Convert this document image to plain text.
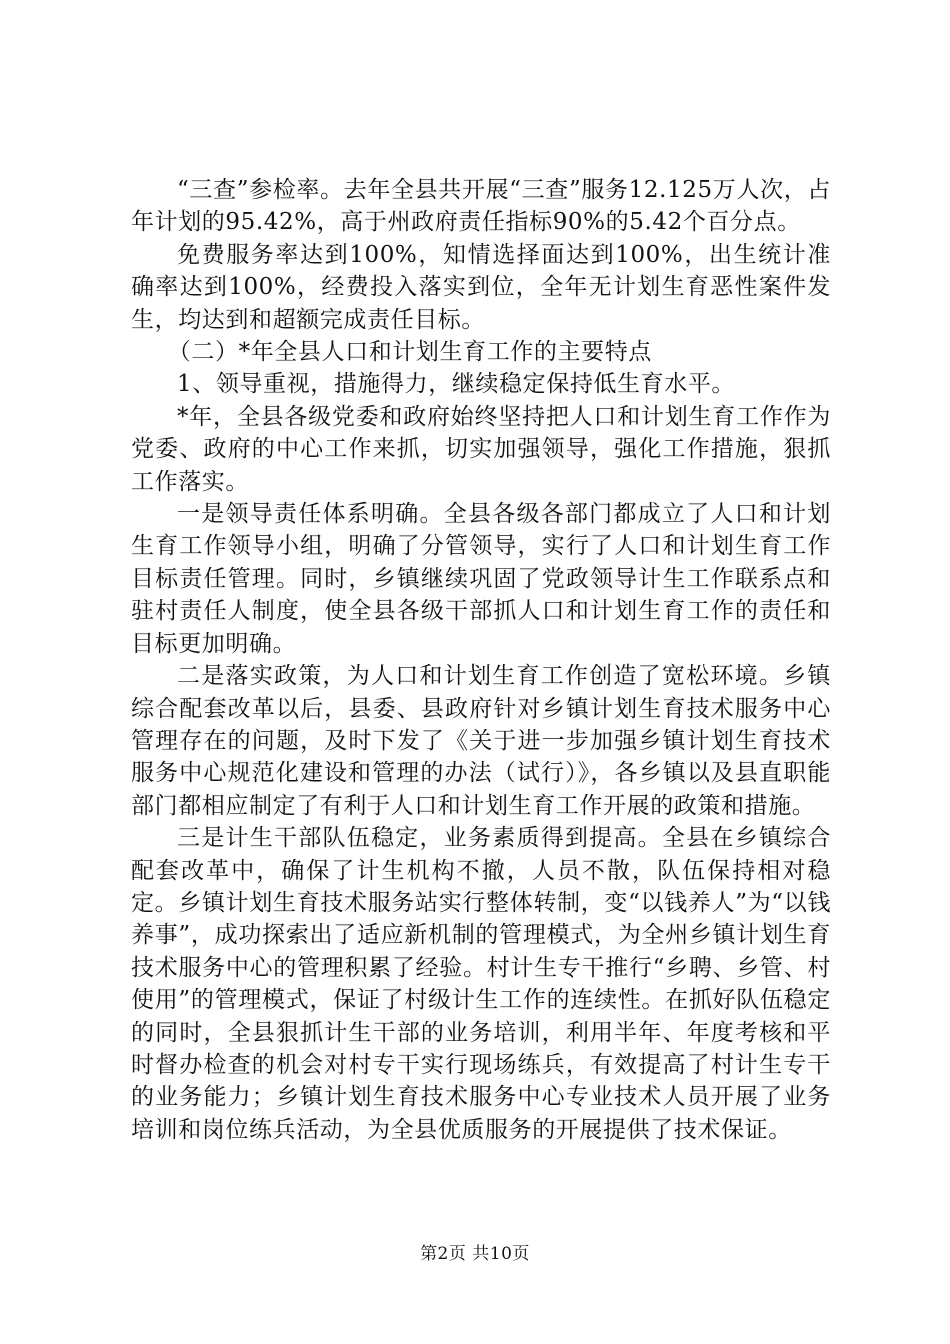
“三查”参检率。去年全县共开展“三查”服务12.125万人次，占年计划的95.42%，高于州政府责任指标90%的5.42个百分点。

免费服务率达到100%，知情选择面达到100%，出生统计准确率达到100%，经费投入落实到位，全年无计划生育恶性案件发生，均达到和超额完成责任目标。

（二）*年全县人口和计划生育工作的主要特点

1、领导重视，措施得力，继续稳定保持低生育水平。

*年，全县各级党委和政府始终坚持把人口和计划生育工作作为党委、政府的中心工作来抓，切实加强领导，强化工作措施，狠抓工作落实。

一是领导责任体系明确。全县各级各部门都成立了人口和计划生育工作领导小组，明确了分管领导，实行了人口和计划生育工作目标责任管理。同时，乡镇继续巩固了党政领导计生工作联系点和驻村责任人制度，使全县各级干部抓人口和计划生育工作的责任和目标更加明确。

二是落实政策，为人口和计划生育工作创造了宽松环境。乡镇综合配套改革以后，县委、县政府针对乡镇计划生育技术服务中心管理存在的问题，及时下发了《关于进一步加强乡镇计划生育技术服务中心规范化建设和管理的办法（试行）》，各乡镇以及县直职能部门都相应制定了有利于人口和计划生育工作开展的政策和措施。

三是计生干部队伍稳定，业务素质得到提高。全县在乡镇综合配套改革中，确保了计生机构不撤，人员不散，队伍保持相对稳定。乡镇计划生育技术服务站实行整体转制，变“以钱养人”为“以钱养事”，成功探索出了适应新机制的管理模式，为全州乡镇计划生育技术服务中心的管理积累了经验。村计生专干推行“乡聘、乡管、村使用”的管理模式，保证了村级计生工作的连续性。在抓好队伍稳定的同时，全县狠抓计生干部的业务培训，利用半年、年度考核和平时督办检查的机会对村专干实行现场练兵，有效提高了村计生专干的业务能力；乡镇计划生育技术服务中心专业技术人员开展了业务培训和岗位练兵活动，为全县优质服务的开展提供了技术保证。

第2页 共10页
